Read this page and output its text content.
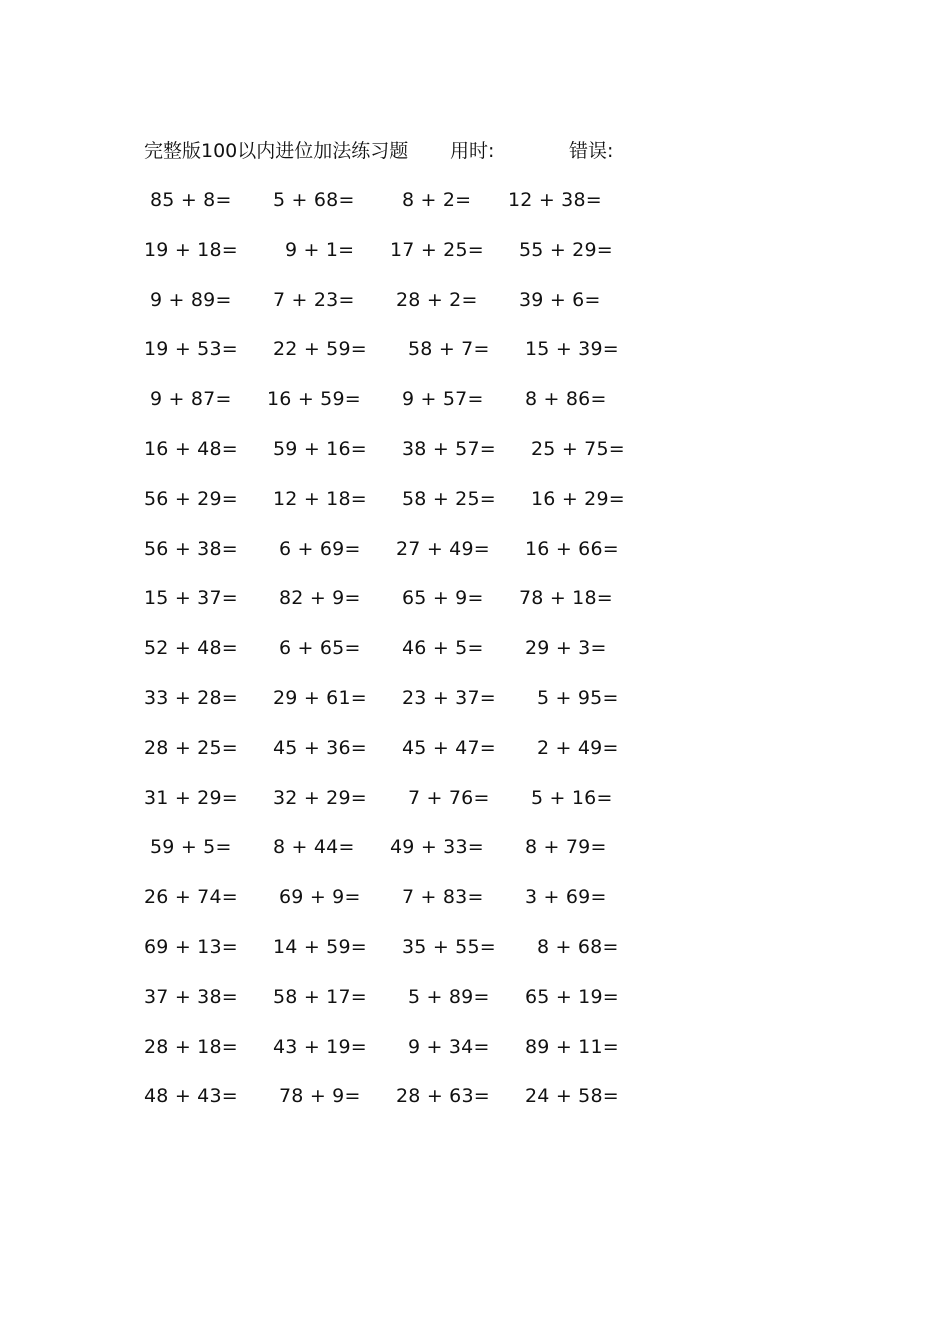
完整版100以内进位加法练习题 用时:	错误:
85 + 8= 5 + 68= 8 + 2= 12 + 38=
19 + 18= 9 + 1= 17 + 25= 55 + 29=
9 + 89= 7 + 23= 28 + 2= 39 + 6=
19 + 53= 22 + 59= 58 + 7= 15 + 39=
9 + 87= 16 + 59= 9 + 57= 8 + 86=
16 + 48= 59 + 16= 38 + 57= 25 + 75=
56 + 29= 12 + 18= 58 + 25= 16 + 29=
56 + 38= 6 + 69= 27 + 49= 16 + 66=
15 + 37= 82 + 9= 65 + 9= 78 + 18=
52 + 48= 6 + 65= 46 + 5= 29 + 3=
33 + 28= 29 + 61= 23 + 37= 5 + 95=
28 + 25= 45 + 36= 45 + 47= 2 + 49=
31 + 29= 32 + 29= 7 + 76= 5 + 16=
59 + 5= 8 + 44= 49 + 33= 8 + 79=
26 + 74= 69 + 9= 7 + 83= 3 + 69=
69 + 13= 14 + 59= 35 + 55= 8 + 68=
37 + 38= 58 + 17= 5 + 89= 65 + 19=
28 + 18= 43 + 19= 9 + 34= 89 + 11=
48 + 43= 78 + 9= 28 + 63= 24 + 58=
